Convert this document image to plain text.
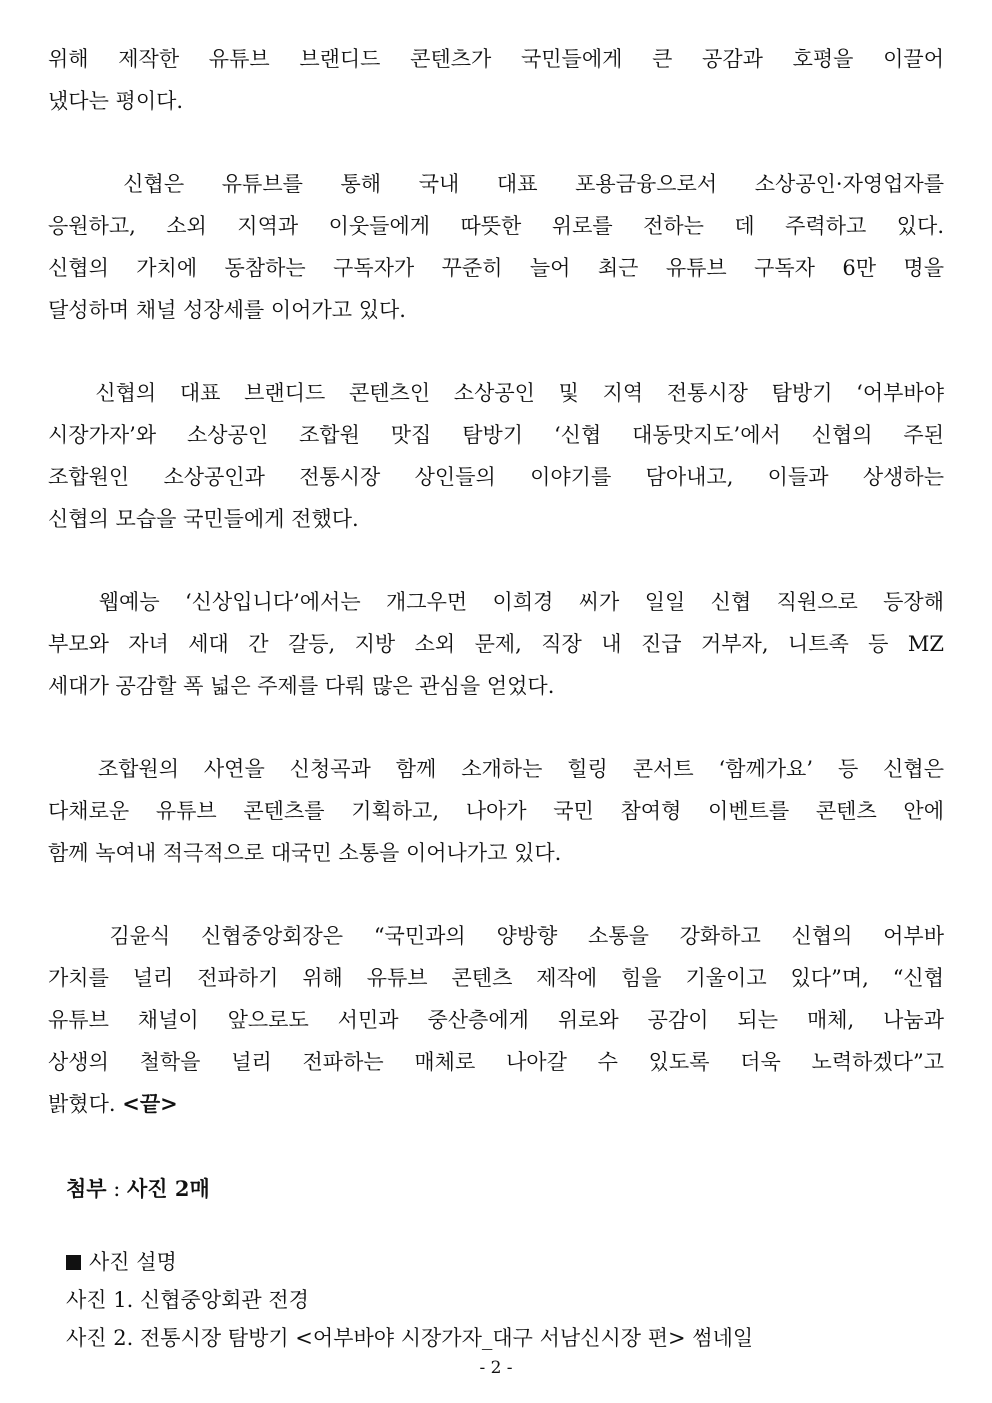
위해 제작한 유튜브 브랜디드 콘텐츠가 국민들에게 큰 공감과 호평을 이끌어
냈다는 평이다.
신협은 유튜브를 통해 국내 대표 포용금융으로서 소상공인·자영업자를
응원하고, 소외 지역과 이웃들에게 따뜻한 위로를 전하는 데 주력하고 있다.
신협의 가치에 동참하는 구독자가 꾸준히 늘어 최근 유튜브 구독자 6만 명을
달성하며 채널 성장세를 이어가고 있다.
신협의 대표 브랜디드 콘텐츠인 소상공인 및 지역 전통시장 탐방기 ‘어부바야
시장가자’와 소상공인 조합원 맛집 탐방기 ‘신협 대동맛지도’에서 신협의 주된
조합원인 소상공인과 전통시장 상인들의 이야기를 담아내고, 이들과 상생하는
신협의 모습을 국민들에게 전했다.
웹예능 ‘신상입니다’에서는 개그우먼 이희경 씨가 일일 신협 직원으로 등장해
부모와 자녀 세대 간 갈등, 지방 소외 문제, 직장 내 진급 거부자, 니트족 등 MZ
세대가 공감할 폭 넓은 주제를 다뤄 많은 관심을 얻었다.
조합원의 사연을 신청곡과 함께 소개하는 힐링 콘서트 ‘함께가요’ 등 신협은
다채로운 유튜브 콘텐츠를 기획하고, 나아가 국민 참여형 이벤트를 콘텐츠 안에
함께 녹여내 적극적으로 대국민 소통을 이어나가고 있다.
김윤식 신협중앙회장은 “국민과의 양방향 소통을 강화하고 신협의 어부바
가치를 널리 전파하기 위해 유튜브 콘텐츠 제작에 힘을 기울이고 있다”며, “신협
유튜브 채널이 앞으로도 서민과 중산층에게 위로와 공감이 되는 매체, 나눔과
상생의 철학을 널리 전파하는 매체로 나아갈 수 있도록 더욱 노력하겠다”고
밝혔다. <끝>
첨부 : 사진 2매
사진 설명
사진 1. 신협중앙회관 전경
사진 2. 전통시장 탐방기 <어부바야 시장가자_대구 서남신시장 편> 썸네일
- 2 -
